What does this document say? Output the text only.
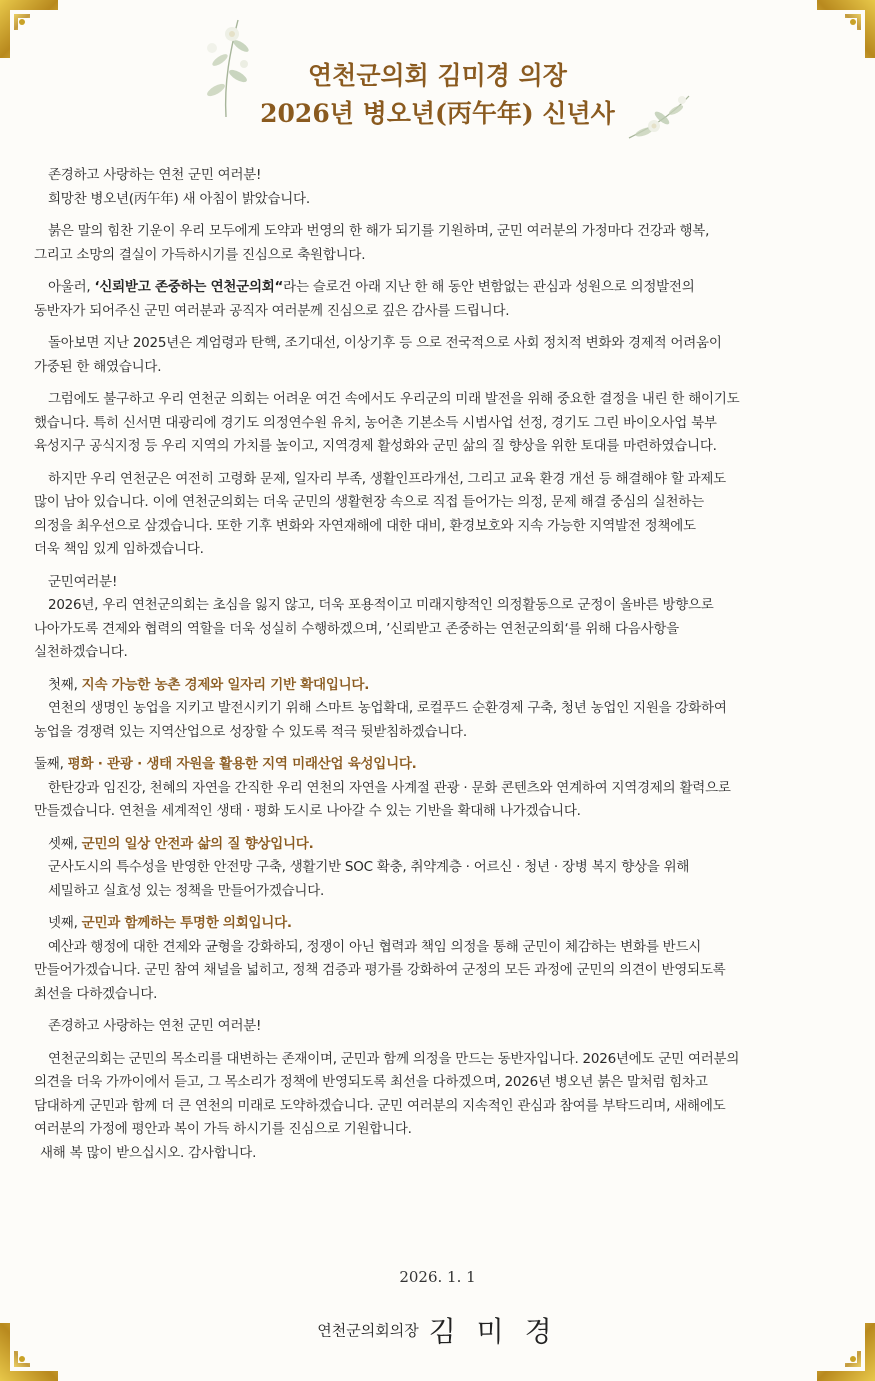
연천군의회 김미경 의장
2026년 병오년(丙午年) 신년사
존경하고 사랑하는 연천 군민 여러분!
희망찬 병오년(丙午年) 새 아침이 밝았습니다.
붉은 말의 힘찬 기운이 우리 모두에게 도약과 번영의 한 해가 되기를 기원하며, 군민 여러분의 가정마다 건강과 행복,
그리고 소망의 결실이 가득하시기를 진심으로 축원합니다.
아울러, ‘신뢰받고 존중하는 연천군의회“라는 슬로건 아래 지난 한 해 동안 변함없는 관심과 성원으로 의정발전의
동반자가 되어주신 군민 여러분과 공직자 여러분께 진심으로 깊은 감사를 드립니다.
돌아보면 지난 2025년은 계엄령과 탄핵, 조기대선, 이상기후 등 으로 전국적으로 사회 정치적 변화와 경제적 어려움이
가중된 한 해였습니다.
그럼에도 불구하고 우리 연천군 의회는 어려운 여건 속에서도 우리군의 미래 발전을 위해 중요한 결정을 내린 한 해이기도
했습니다. 특히 신서면 대광리에 경기도 의정연수원 유치, 농어촌 기본소득 시범사업 선정, 경기도 그린 바이오사업 북부
육성지구 공식지정 등 우리 지역의 가치를 높이고, 지역경제 활성화와 군민 삶의 질 향상을 위한 토대를 마련하였습니다.
하지만 우리 연천군은 여전히 고령화 문제, 일자리 부족, 생활인프라개선, 그리고 교육 환경 개선 등 해결해야 할 과제도
많이 남아 있습니다. 이에 연천군의회는 더욱 군민의 생활현장 속으로 직접 들어가는 의정, 문제 해결 중심의 실천하는
의정을 최우선으로 삼겠습니다. 또한 기후 변화와 자연재해에 대한 대비, 환경보호와 지속 가능한 지역발전 정책에도
더욱 책임 있게 임하겠습니다.
군민여러분!
2026년, 우리 연천군의회는 초심을 잃지 않고, 더욱 포용적이고 미래지향적인 의정활동으로 군정이 올바른 방향으로
나아가도록 견제와 협력의 역할을 더욱 성실히 수행하겠으며, ’신뢰받고 존중하는 연천군의회‘를 위해 다음사항을
실천하겠습니다.
첫째, 지속 가능한 농촌 경제와 일자리 기반 확대입니다.
연천의 생명인 농업을 지키고 발전시키기 위해 스마트 농업확대, 로컬푸드 순환경제 구축, 청년 농업인 지원을 강화하여
농업을 경쟁력 있는 지역산업으로 성장할 수 있도록 적극 뒷받침하겠습니다.
둘째, 평화 · 관광 · 생태 자원을 활용한 지역 미래산업 육성입니다.
한탄강과 임진강, 천혜의 자연을 간직한 우리 연천의 자연을 사계절 관광 · 문화 콘텐츠와 연계하여 지역경제의 활력으로
만들겠습니다. 연천을 세계적인 생태 · 평화 도시로 나아갈 수 있는 기반을 확대해 나가겠습니다.
셋째, 군민의 일상 안전과 삶의 질 향상입니다.
군사도시의 특수성을 반영한 안전망 구축, 생활기반 SOC 확충, 취약계층 · 어르신 · 청년 · 장병 복지 향상을 위해
세밀하고 실효성 있는 정책을 만들어가겠습니다.
넷째, 군민과 함께하는 투명한 의회입니다.
예산과 행정에 대한 견제와 균형을 강화하되, 정쟁이 아닌 협력과 책임 의정을 통해 군민이 체감하는 변화를 반드시
만들어가겠습니다. 군민 참여 채널을 넓히고, 정책 검증과 평가를 강화하여 군정의 모든 과정에 군민의 의견이 반영되도록
최선을 다하겠습니다.
존경하고 사랑하는 연천 군민 여러분!
연천군의회는 군민의 목소리를 대변하는 존재이며, 군민과 함께 의정을 만드는 동반자입니다. 2026년에도 군민 여러분의
의견을 더욱 가까이에서 듣고, 그 목소리가 정책에 반영되도록 최선을 다하겠으며, 2026년 병오년 붉은 말처럼 힘차고
담대하게 군민과 함께 더 큰 연천의 미래로 도약하겠습니다. 군민 여러분의 지속적인 관심과 참여를 부탁드리며, 새해에도
여러분의 가정에 평안과 복이 가득 하시기를 진심으로 기원합니다.
새해 복 많이 받으십시오. 감사합니다.
2026. 1. 1
연천군의회의장 김 미 경
